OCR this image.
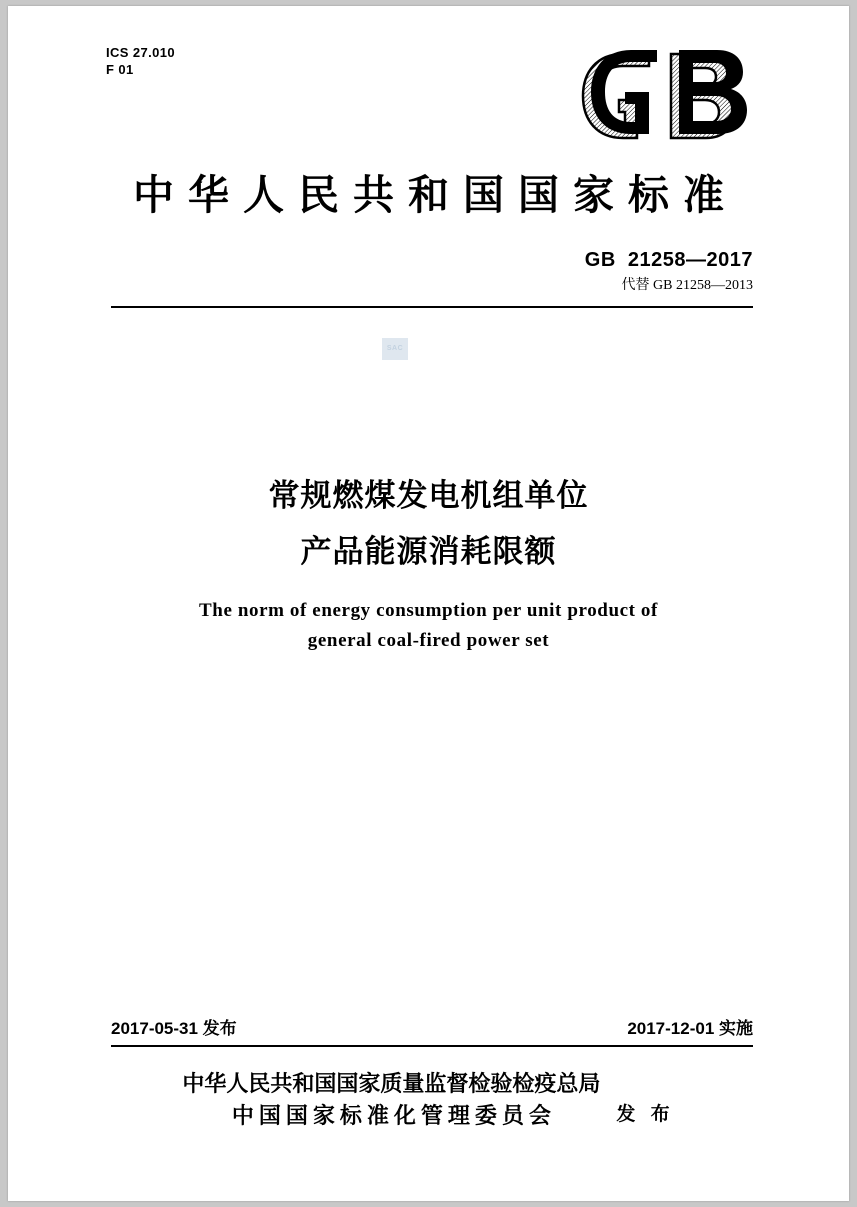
ICS 27.010
F 01
中华人民共和国国家标准
GB  21258—2017
代替 GB 21258—2013
SAC
常规燃煤发电机组单位
产品能源消耗限额
The norm of energy consumption per unit product of
general coal-fired power set
2017-05-31 发布	2017-12-01 实施
中华人民共和国国家质量监督检验检疫总局
中国国家标准化管理委员会	发 布
